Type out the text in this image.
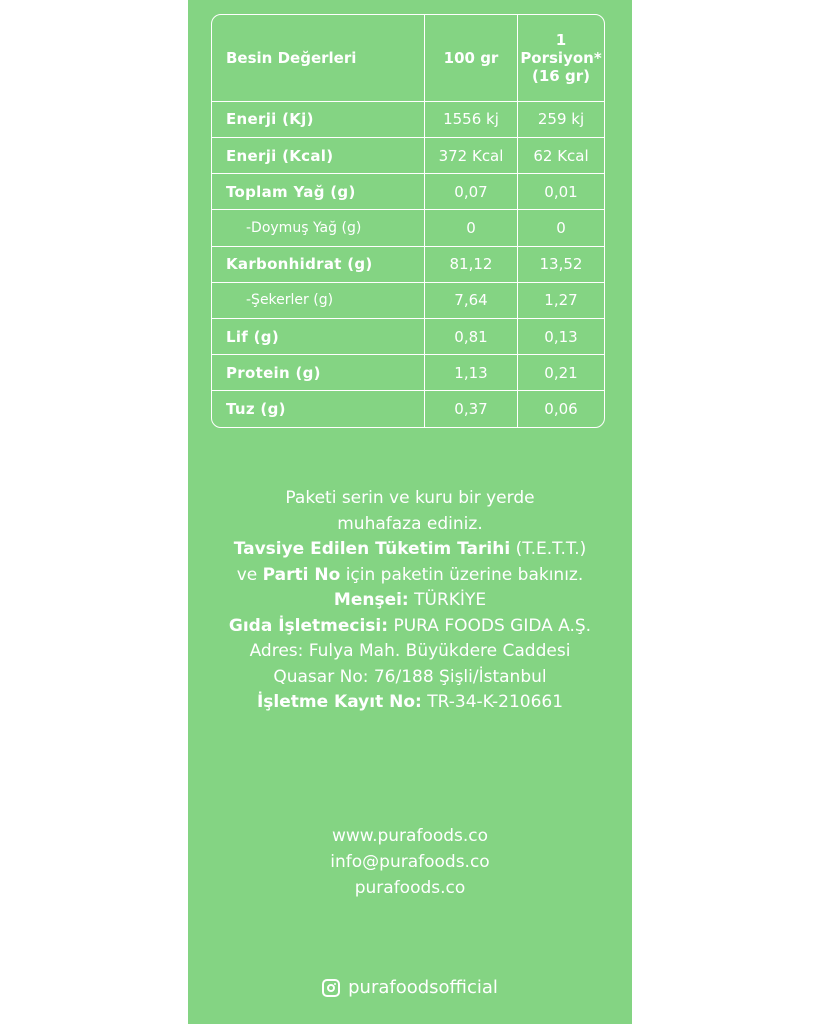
Besin Değerleri	100 gr	1
Porsiyon*
(16 gr)

Enerji (Kj)	1556 kj	259 kj
Enerji (Kcal)	372 Kcal	62 Kcal
Toplam Yağ (g)	0,07	0,01
-Doymuş Yağ (g)	0	0
Karbonhidrat (g)	81,12	13,52
-Şekerler (g)	7,64	1,27
Lif (g)	0,81	0,13
Protein (g)	1,13	0,21
Tuz (g)	0,37	0,06
Paketi serin ve kuru bir yerde
muhafaza ediniz.
Tavsiye Edilen Tüketim Tarihi (T.E.T.T.)
ve Parti No için paketin üzerine bakınız.
Menşei: TÜRKİYE
Gıda İşletmecisi: PURA FOODS GIDA A.Ş.
Adres: Fulya Mah. Büyükdere Caddesi
Quasar No: 76/188 Şişli/İstanbul
İşletme Kayıt No: TR-34-K-210661
www.purafoods.co
info@purafoods.co
purafoods.co
purafoodsofficial
